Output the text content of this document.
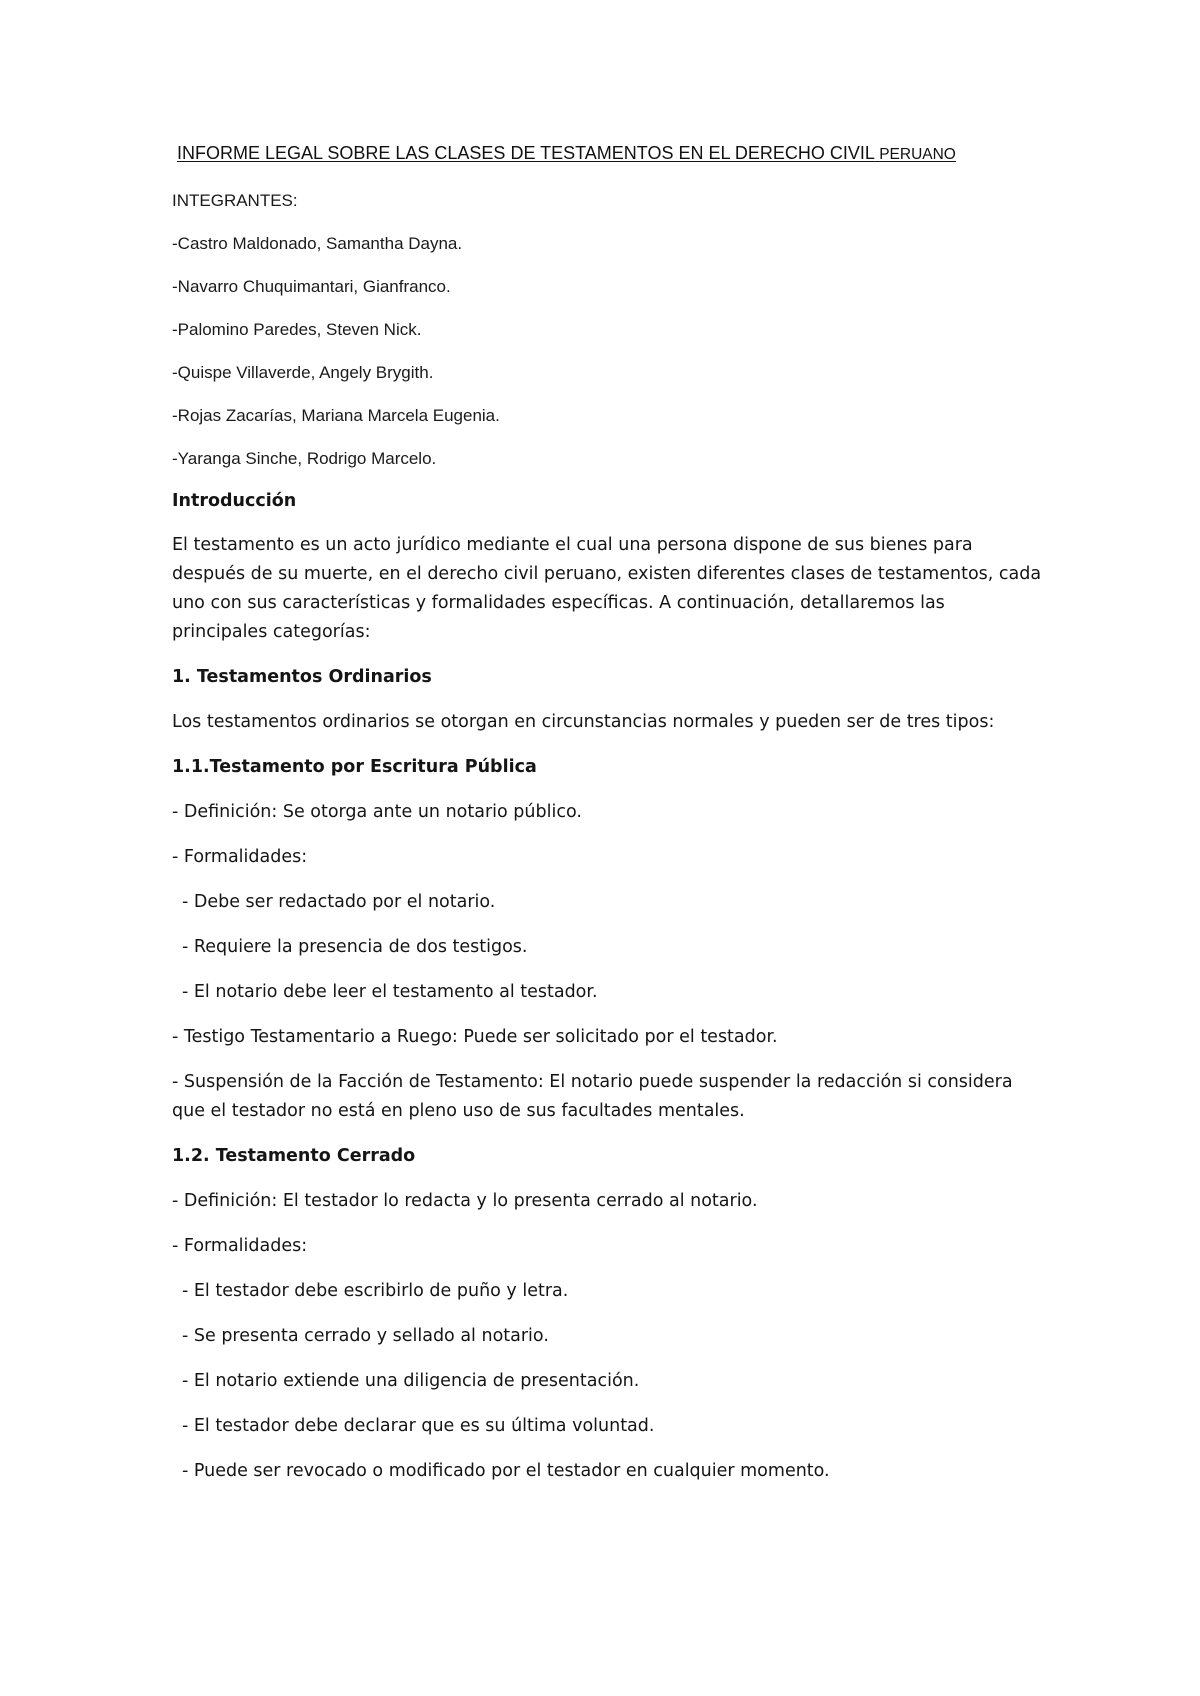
INFORME LEGAL SOBRE LAS CLASES DE TESTAMENTOS EN EL DERECHO CIVIL PERUANO
INTEGRANTES:
-Castro Maldonado, Samantha Dayna.
-Navarro Chuquimantari, Gianfranco.
-Palomino Paredes, Steven Nick.
-Quispe Villaverde, Angely Brygith.
-Rojas Zacarías, Mariana Marcela Eugenia.
-Yaranga Sinche, Rodrigo Marcelo.
Introducción
El testamento es un acto jurídico mediante el cual una persona dispone de sus bienes para después de su muerte, en el derecho civil peruano, existen diferentes clases de testamentos, cada uno con sus características y formalidades específicas. A continuación, detallaremos las principales categorías:
1. Testamentos Ordinarios
Los testamentos ordinarios se otorgan en circunstancias normales y pueden ser de tres tipos:
1.1.Testamento por Escritura Pública
- Definición: Se otorga ante un notario público.
- Formalidades:
- Debe ser redactado por el notario.
- Requiere la presencia de dos testigos.
- El notario debe leer el testamento al testador.
- Testigo Testamentario a Ruego: Puede ser solicitado por el testador.
- Suspensión de la Facción de Testamento: El notario puede suspender la redacción si considera que el testador no está en pleno uso de sus facultades mentales.
1.2. Testamento Cerrado
- Definición: El testador lo redacta y lo presenta cerrado al notario.
- Formalidades:
- El testador debe escribirlo de puño y letra.
- Se presenta cerrado y sellado al notario.
- El notario extiende una diligencia de presentación.
- El testador debe declarar que es su última voluntad.
- Puede ser revocado o modificado por el testador en cualquier momento.
